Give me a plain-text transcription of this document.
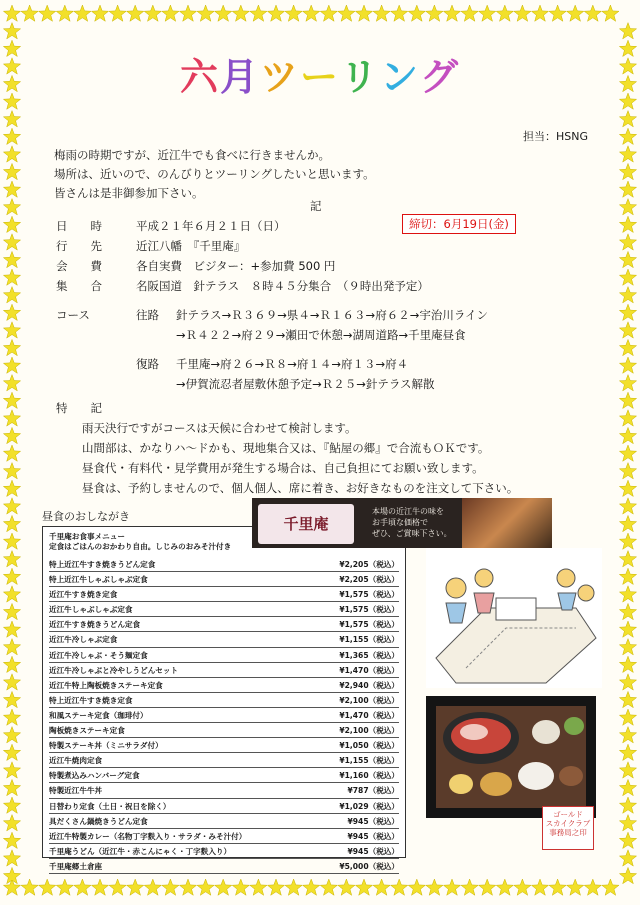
六月ツーリング
担当：HSNG
梅雨の時期ですが、近江牛でも食べに行きませんか。
場所は、近いので、のんびりとツーリングしたいと思います。
皆さんは是非御参加下さい。
記
締切：6月19日(金)
日　　時	平成２１年６月２１日（日）
行　　先	近江八幡　『千里庵』
会　　費	各自実費　ビジター：+参加費 500 円
集　　合	名阪国道　針テラス　８時４５分集合　（９時出発予定）
コース	往路	針テラス→Ｒ３６９→県４→Ｒ１６３→府６２→宇治川ライン
→Ｒ４２２→府２９→瀬田で休憩→湖周道路→千里庵昼食
復路	千里庵→府２６→Ｒ８→府１４→府１３→府４
→伊賀流忍者屋敷休憩予定→Ｒ２５→針テラス解散
特　　記
雨天決行ですがコースは天候に合わせて検討します。
山間部は、かなりハ～ドかも、現地集合又は、『鮎屋の郷』で合流もＯＫです。
昼食代・有料代・見学費用が発生する場合は、自己負担にてお願い致します。
昼食は、予約しませんので、個人個人、席に着き、お好きなものを注文して下さい。
昼食のおしながき
千里庵お食事メニュー
定食はごはんのおかわり自由。しじみのおみそ汁付き
特上近江牛すき焼きうどん定食	¥2,205（税込）
特上近江牛しゃぶしゃぶ定食	¥2,205（税込）
近江牛すき焼き定食	¥1,575（税込）
近江牛しゃぶしゃぶ定食	¥1,575（税込）
近江牛すき焼きうどん定食	¥1,575（税込）
近江牛冷しゃぶ定食	¥1,155（税込）
近江牛冷しゃぶ・そう麺定食	¥1,365（税込）
近江牛冷しゃぶと冷やしうどんセット	¥1,470（税込）
近江牛特上陶板焼きステーキ定食	¥2,940（税込）
特上近江牛すき焼き定食	¥2,100（税込）
和風ステーキ定食（珈琲付）	¥1,470（税込）
陶板焼きステーキ定食	¥2,100（税込）
特製ステーキ丼（ミニサラダ付）	¥1,050（税込）
近江牛焼肉定食	¥1,155（税込）
特製煮込みハンバーグ定食	¥1,160（税込）
特製近江牛牛丼	¥787（税込）
日替わり定食（土日・祝日を除く）	¥1,029（税込）
具だくさん鍋焼きうどん定食	¥945（税込）
近江牛特製カレー（名物丁字麩入り・サラダ・みそ汁付）	¥945（税込）
千里庵うどん（近江牛・赤こんにゃく・丁字麩入り）	¥945（税込）
千里庵郷土倉座	¥5,000（税込）
千里庵
本場の近江牛の味を
お手頃な価格で
ぜひ、ご賞味下さい。
ゴールド
スカイクラブ
事務局之印
